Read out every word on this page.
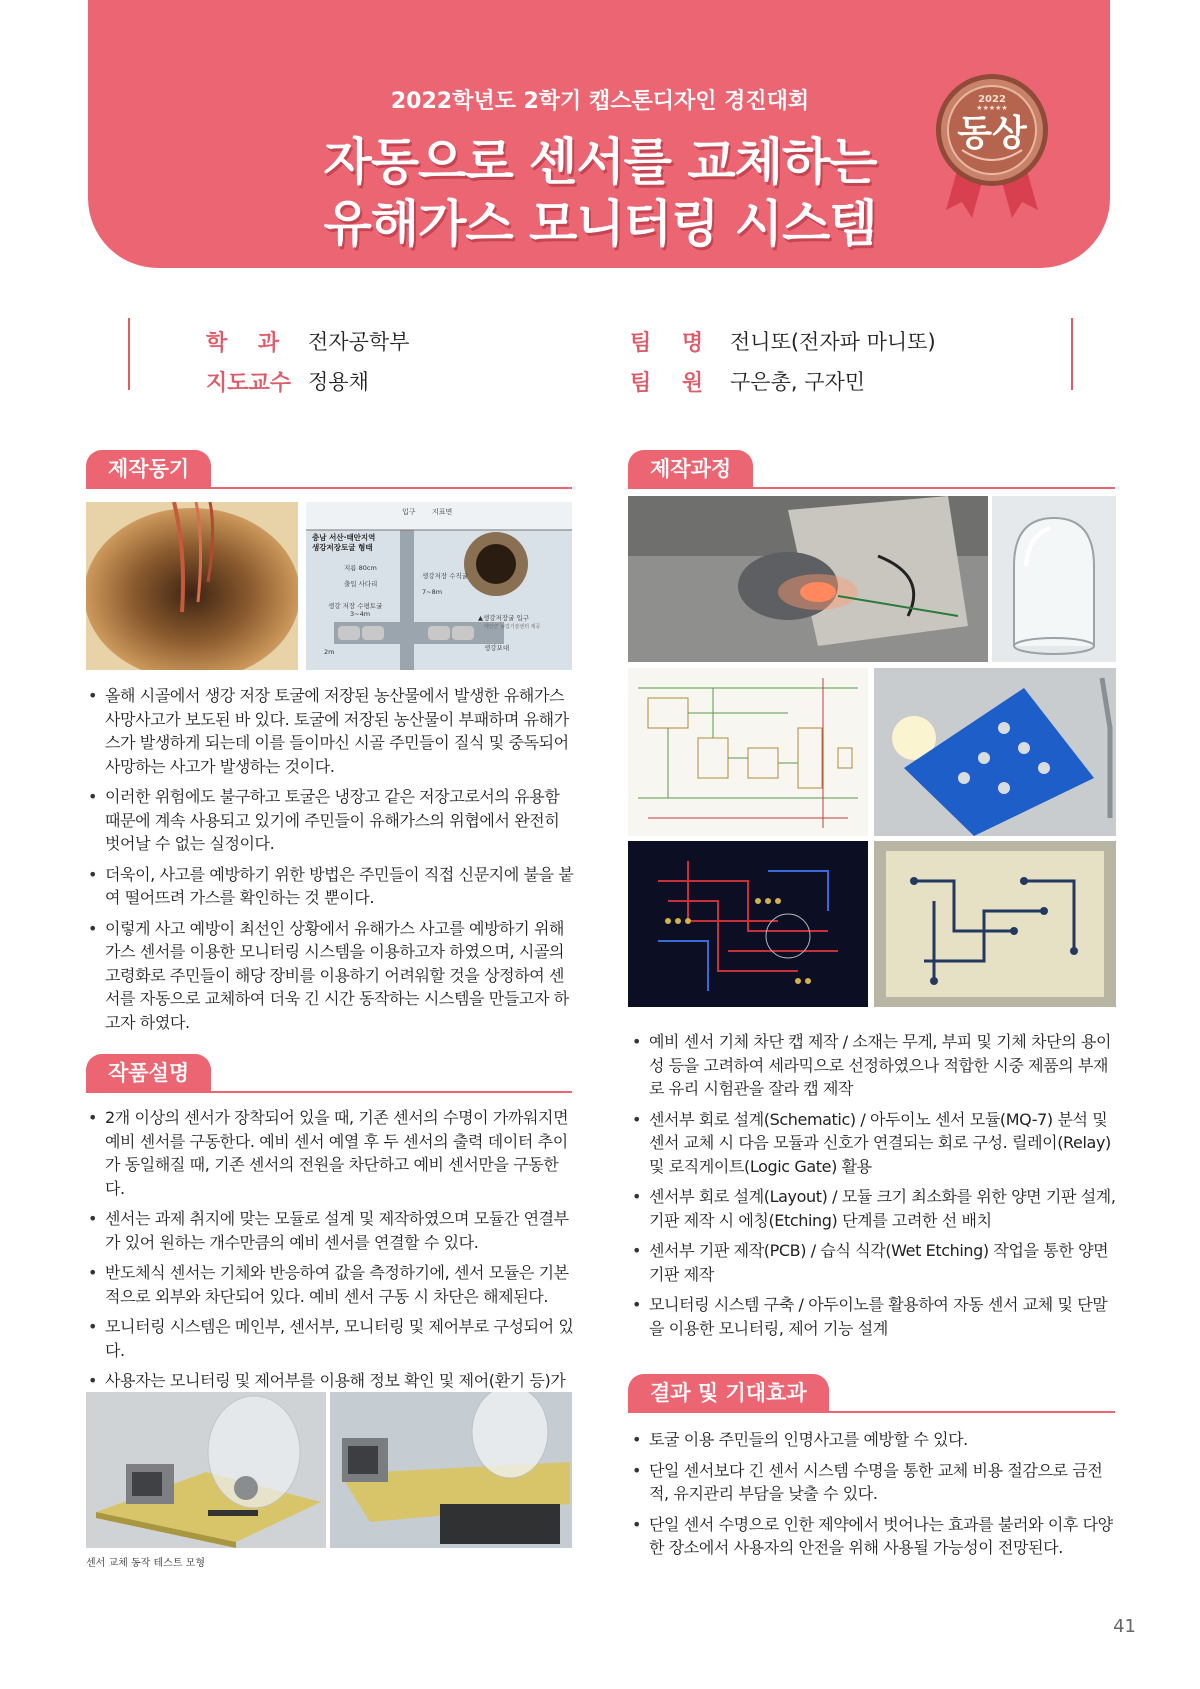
2022학년도 2학기 캡스톤디자인 경진대회
자동으로 센서를 교체하는
유해가스 모니터링 시스템
2022
★★★★★
동상
학    과 전자공학부
지도교수 정용채
팀    명 전니또(전자파 마니또)
팀    원 구은총, 구자민
제작동기
입구 지표면
충남 서산·태안지역
생강저장토굴 형태
지름 80cm
출입 사다리
생강 저장 수평토굴
3~4m
생강저장 수직굴
7~8m
2m	생강포대
▲생강저장굴 입구
태안군 농업기술센터 제공
• 올해 시골에서 생강 저장 토굴에 저장된 농산물에서 발생한 유해가스 사망사고가 보도된 바 있다. 토굴에 저장된 농산물이 부패하며 유해가스가 발생하게 되는데 이를 들이마신 시골 주민들이 질식 및 중독되어 사망하는 사고가 발생하는 것이다.
• 이러한 위험에도 불구하고 토굴은 냉장고 같은 저장고로서의 유용함 때문에 계속 사용되고 있기에 주민들이 유해가스의 위협에서 완전히 벗어날 수 없는 실정이다.
• 더욱이, 사고를 예방하기 위한 방법은 주민들이 직접 신문지에 불을 붙여 떨어뜨려 가스를 확인하는 것 뿐이다.
• 이렇게 사고 예방이 최선인 상황에서 유해가스 사고를 예방하기 위해 가스 센서를 이용한 모니터링 시스템을 이용하고자 하였으며, 시골의 고령화로 주민들이 해당 장비를 이용하기 어려워할 것을 상정하여 센서를 자동으로 교체하여 더욱 긴 시간 동작하는 시스템을 만들고자 하고자 하였다.
작품설명
• 2개 이상의 센서가 장착되어 있을 때, 기존 센서의 수명이 가까워지면 예비 센서를 구동한다. 예비 센서 예열 후 두 센서의 출력 데이터 추이가 동일해질 때, 기존 센서의 전원을 차단하고 예비 센서만을 구동한다.
• 센서는 과제 취지에 맞는 모듈로 설계 및 제작하였으며 모듈간 연결부가 있어 원하는 개수만큼의 예비 센서를 연결할 수 있다.
• 반도체식 센서는 기체와 반응하여 값을 측정하기에, 센서 모듈은 기본적으로 외부와 차단되어 있다. 예비 센서 구동 시 차단은 해제된다.
• 모니터링 시스템은 메인부, 센서부, 모니터링 및 제어부로 구성되어 있다.
• 사용자는 모니터링 및 제어부를 이용해 정보 확인 및 제어(환기 등)가
센서 교체 동작 테스트 모형
제작과정
• 예비 센서 기체 차단 캡 제작 / 소재는 무게, 부피 및 기체 차단의 용이성 등을 고려하여 세라믹으로 선정하였으나 적합한 시중 제품의 부재로 유리 시험관을 잘라 캡 제작
• 센서부 회로 설계(Schematic) / 아두이노 센서 모듈(MQ-7) 분석 및 센서 교체 시 다음 모듈과 신호가 연결되는 회로 구성. 릴레이(Relay) 및 로직게이트(Logic Gate) 활용
• 센서부 회로 설계(Layout) / 모듈 크기 최소화를 위한 양면 기판 설계, 기판 제작 시 에칭(Etching) 단계를 고려한 선 배치
• 센서부 기판 제작(PCB) / 습식 식각(Wet Etching) 작업을 통한 양면 기판 제작
• 모니터링 시스템 구축 / 아두이노를 활용하여 자동 센서 교체 및 단말을 이용한 모니터링, 제어 기능 설계
결과 및 기대효과
• 토굴 이용 주민들의 인명사고를 예방할 수 있다.
• 단일 센서보다 긴 센서 시스템 수명을 통한 교체 비용 절감으로 금전적, 유지관리 부담을 낮출 수 있다.
• 단일 센서 수명으로 인한 제약에서 벗어나는 효과를 불러와 이후 다양한 장소에서 사용자의 안전을 위해 사용될 가능성이 전망된다.
41
